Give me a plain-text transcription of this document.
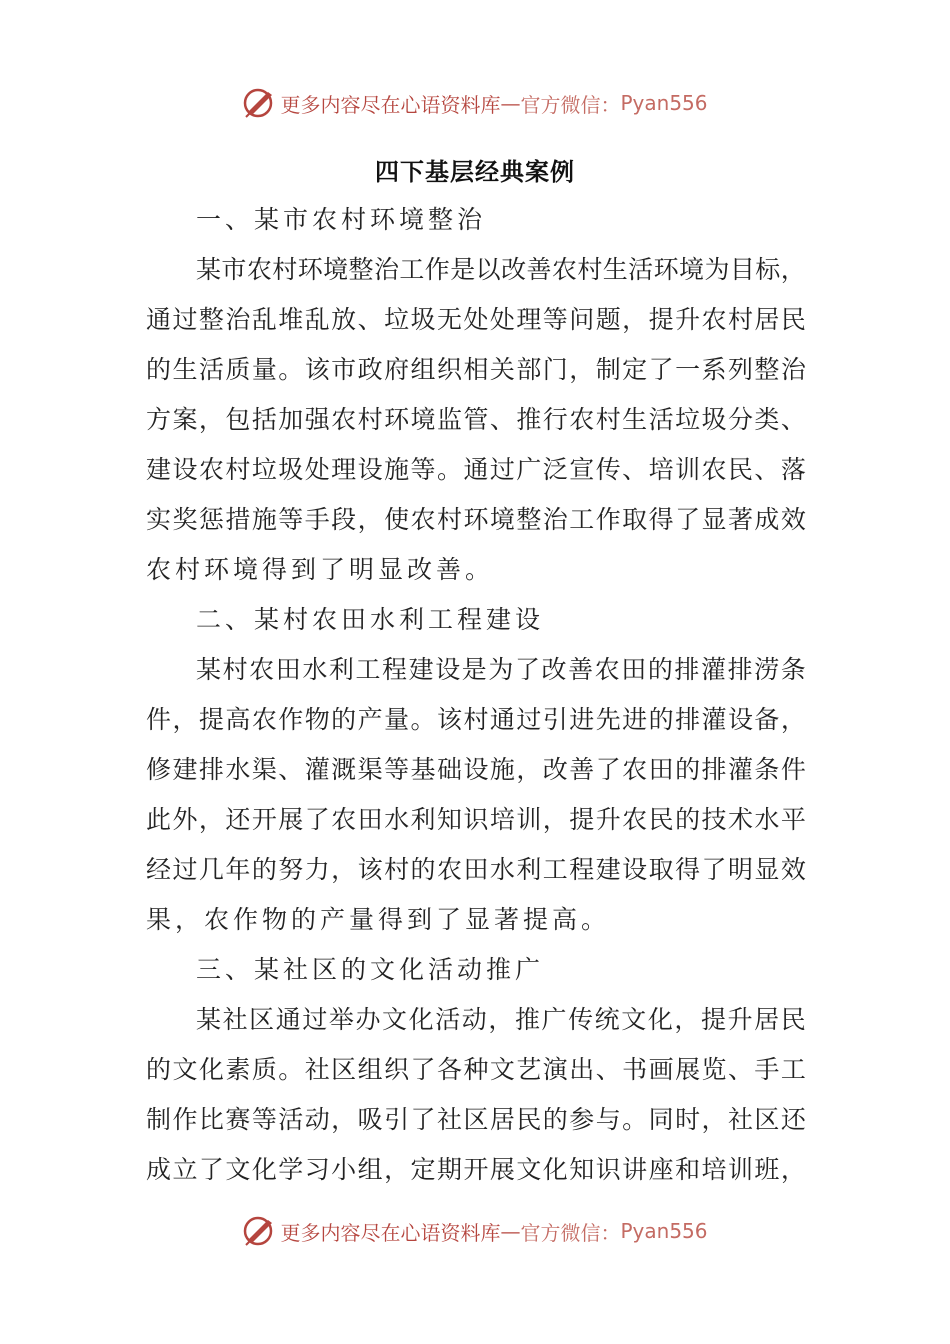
更多内容尽在心语资料库 — 官方微信： Pyan556
四下基层经典案例
一、某市农村环境整治
某 市 农 村 环 境 整 治 工 作 是 以 改 善 农 村 生 活 环 境 为 目 标 ，
通 过 整 治 乱 堆 乱 放 、 垃 圾 无 处 处 理 等 问 题 ， 提 升 农 村 居 民
的 生 活 质 量 。 该 市 政 府 组 织 相 关 部 门 ， 制 定 了 一 系 列 整 治
方 案 ， 包 括 加 强 农 村 环 境 监 管 、 推 行 农 村 生 活 垃 圾 分 类 、
建 设 农 村 垃 圾 处 理 设 施 等 。 通 过 广 泛 宣 传 、 培 训 农 民 、 落
实 奖 惩 措 施 等 手 段 ， 使 农 村 环 境 整 治 工 作 取 得 了 显 著 成 效
农村环境得到了明显改善。
二、某村农田水利工程建设
某 村 农 田 水 利 工 程 建 设 是 为 了 改 善 农 田 的 排 灌 排 涝 条
件 ， 提 高 农 作 物 的 产 量 。 该 村 通 过 引 进 先 进 的 排 灌 设 备 ，
修 建 排 水 渠 、 灌 溉 渠 等 基 础 设 施 ， 改 善 了 农 田 的 排 灌 条 件
此 外 ， 还 开 展 了 农 田 水 利 知 识 培 训 ， 提 升 农 民 的 技 术 水 平
经 过 几 年 的 努 力 ， 该 村 的 农 田 水 利 工 程 建 设 取 得 了 明 显 效
果，农作物的产量得到了显著提高。
三、某社区的文化活动推广
某 社 区 通 过 举 办 文 化 活 动 ， 推 广 传 统 文 化 ， 提 升 居 民
的 文 化 素 质 。 社 区 组 织 了 各 种 文 艺 演 出 、 书 画 展 览 、 手 工
制 作 比 赛 等 活 动 ， 吸 引 了 社 区 居 民 的 参 与 。 同 时 ， 社 区 还
成 立 了 文 化 学 习 小 组 ， 定 期 开 展 文 化 知 识 讲 座 和 培 训 班 ，
更多内容尽在心语资料库 — 官方微信： Pyan556
